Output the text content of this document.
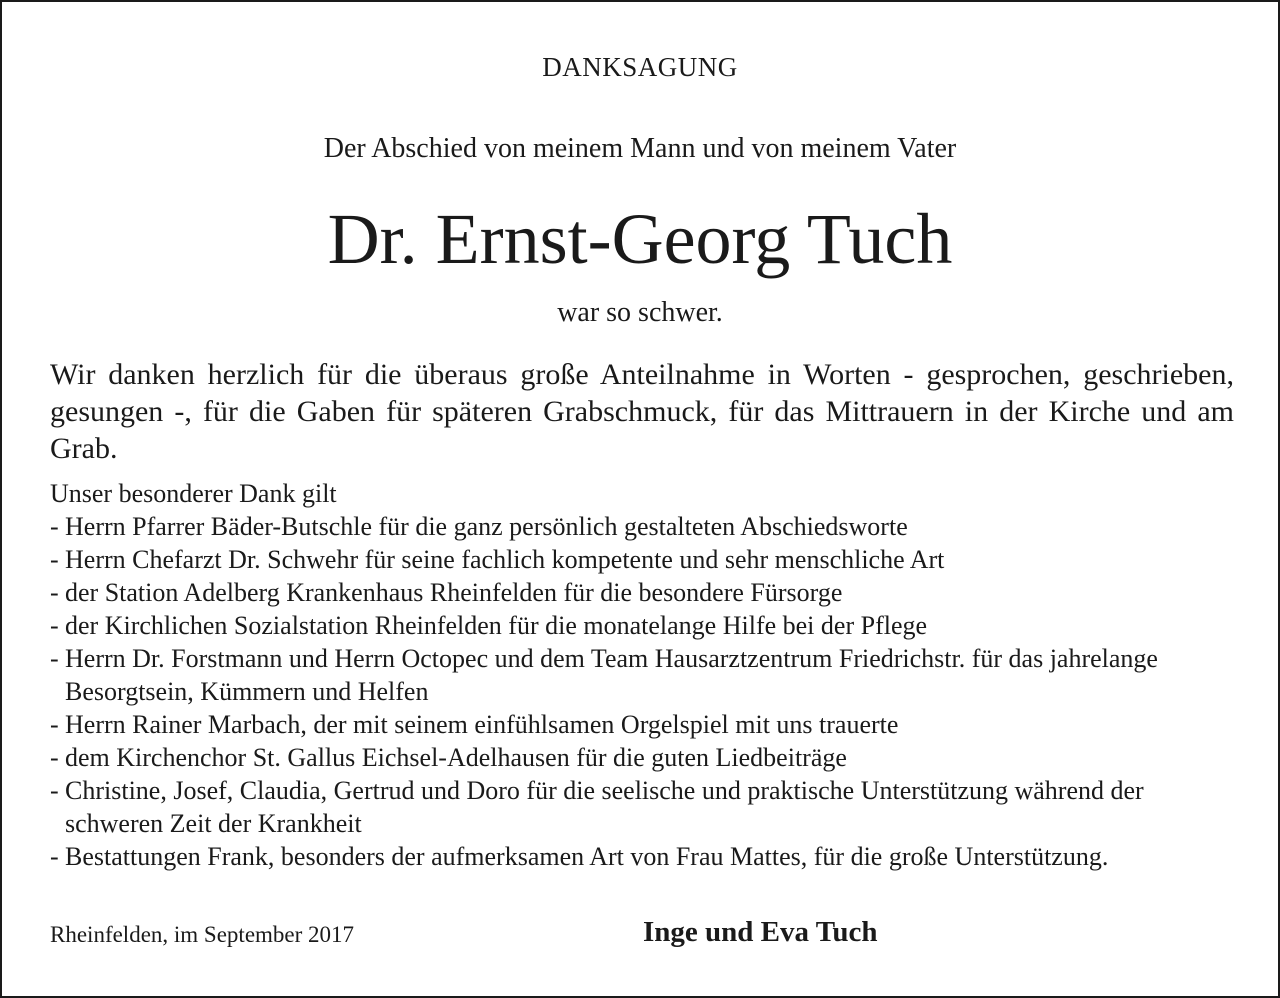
DANKSAGUNG
Der Abschied von meinem Mann und von meinem Vater
Dr. Ernst-Georg Tuch
war so schwer.

Wir danken herzlich für die überaus große Anteilnahme in Worten - gesprochen, geschrieben, gesungen -, für die Gaben für späteren Grabschmuck, für das Mittrauern in der Kirche und am Grab.

Unser besonderer Dank gilt

- Herrn Pfarrer Bäder-Butschle für die ganz persönlich gestalteten Abschiedsworte
- Herrn Chefarzt Dr. Schwehr für seine fachlich kompetente und sehr menschliche Art
- der Station Adelberg Krankenhaus Rheinfelden für die besondere Fürsorge
- der Kirchlichen Sozialstation Rheinfelden für die monatelange Hilfe bei der Pflege
- Herrn Dr. Forstmann und Herrn Octopec und dem Team Hausarztzentrum Friedrichstr. für das jahrelange Besorgtsein, Kümmern und Helfen
- Herrn Rainer Marbach, der mit seinem einfühlsamen Orgelspiel mit uns trauerte
- dem Kirchenchor St. Gallus Eichsel-Adelhausen für die guten Liedbeiträge
- Christine, Josef, Claudia, Gertrud und Doro für die seelische und praktische Unterstützung während der schweren Zeit der Krankheit
- Bestattungen Frank, besonders der aufmerksamen Art von Frau Mattes, für die große Unterstützung.
Rheinfelden, im September 2017	Inge und Eva Tuch
